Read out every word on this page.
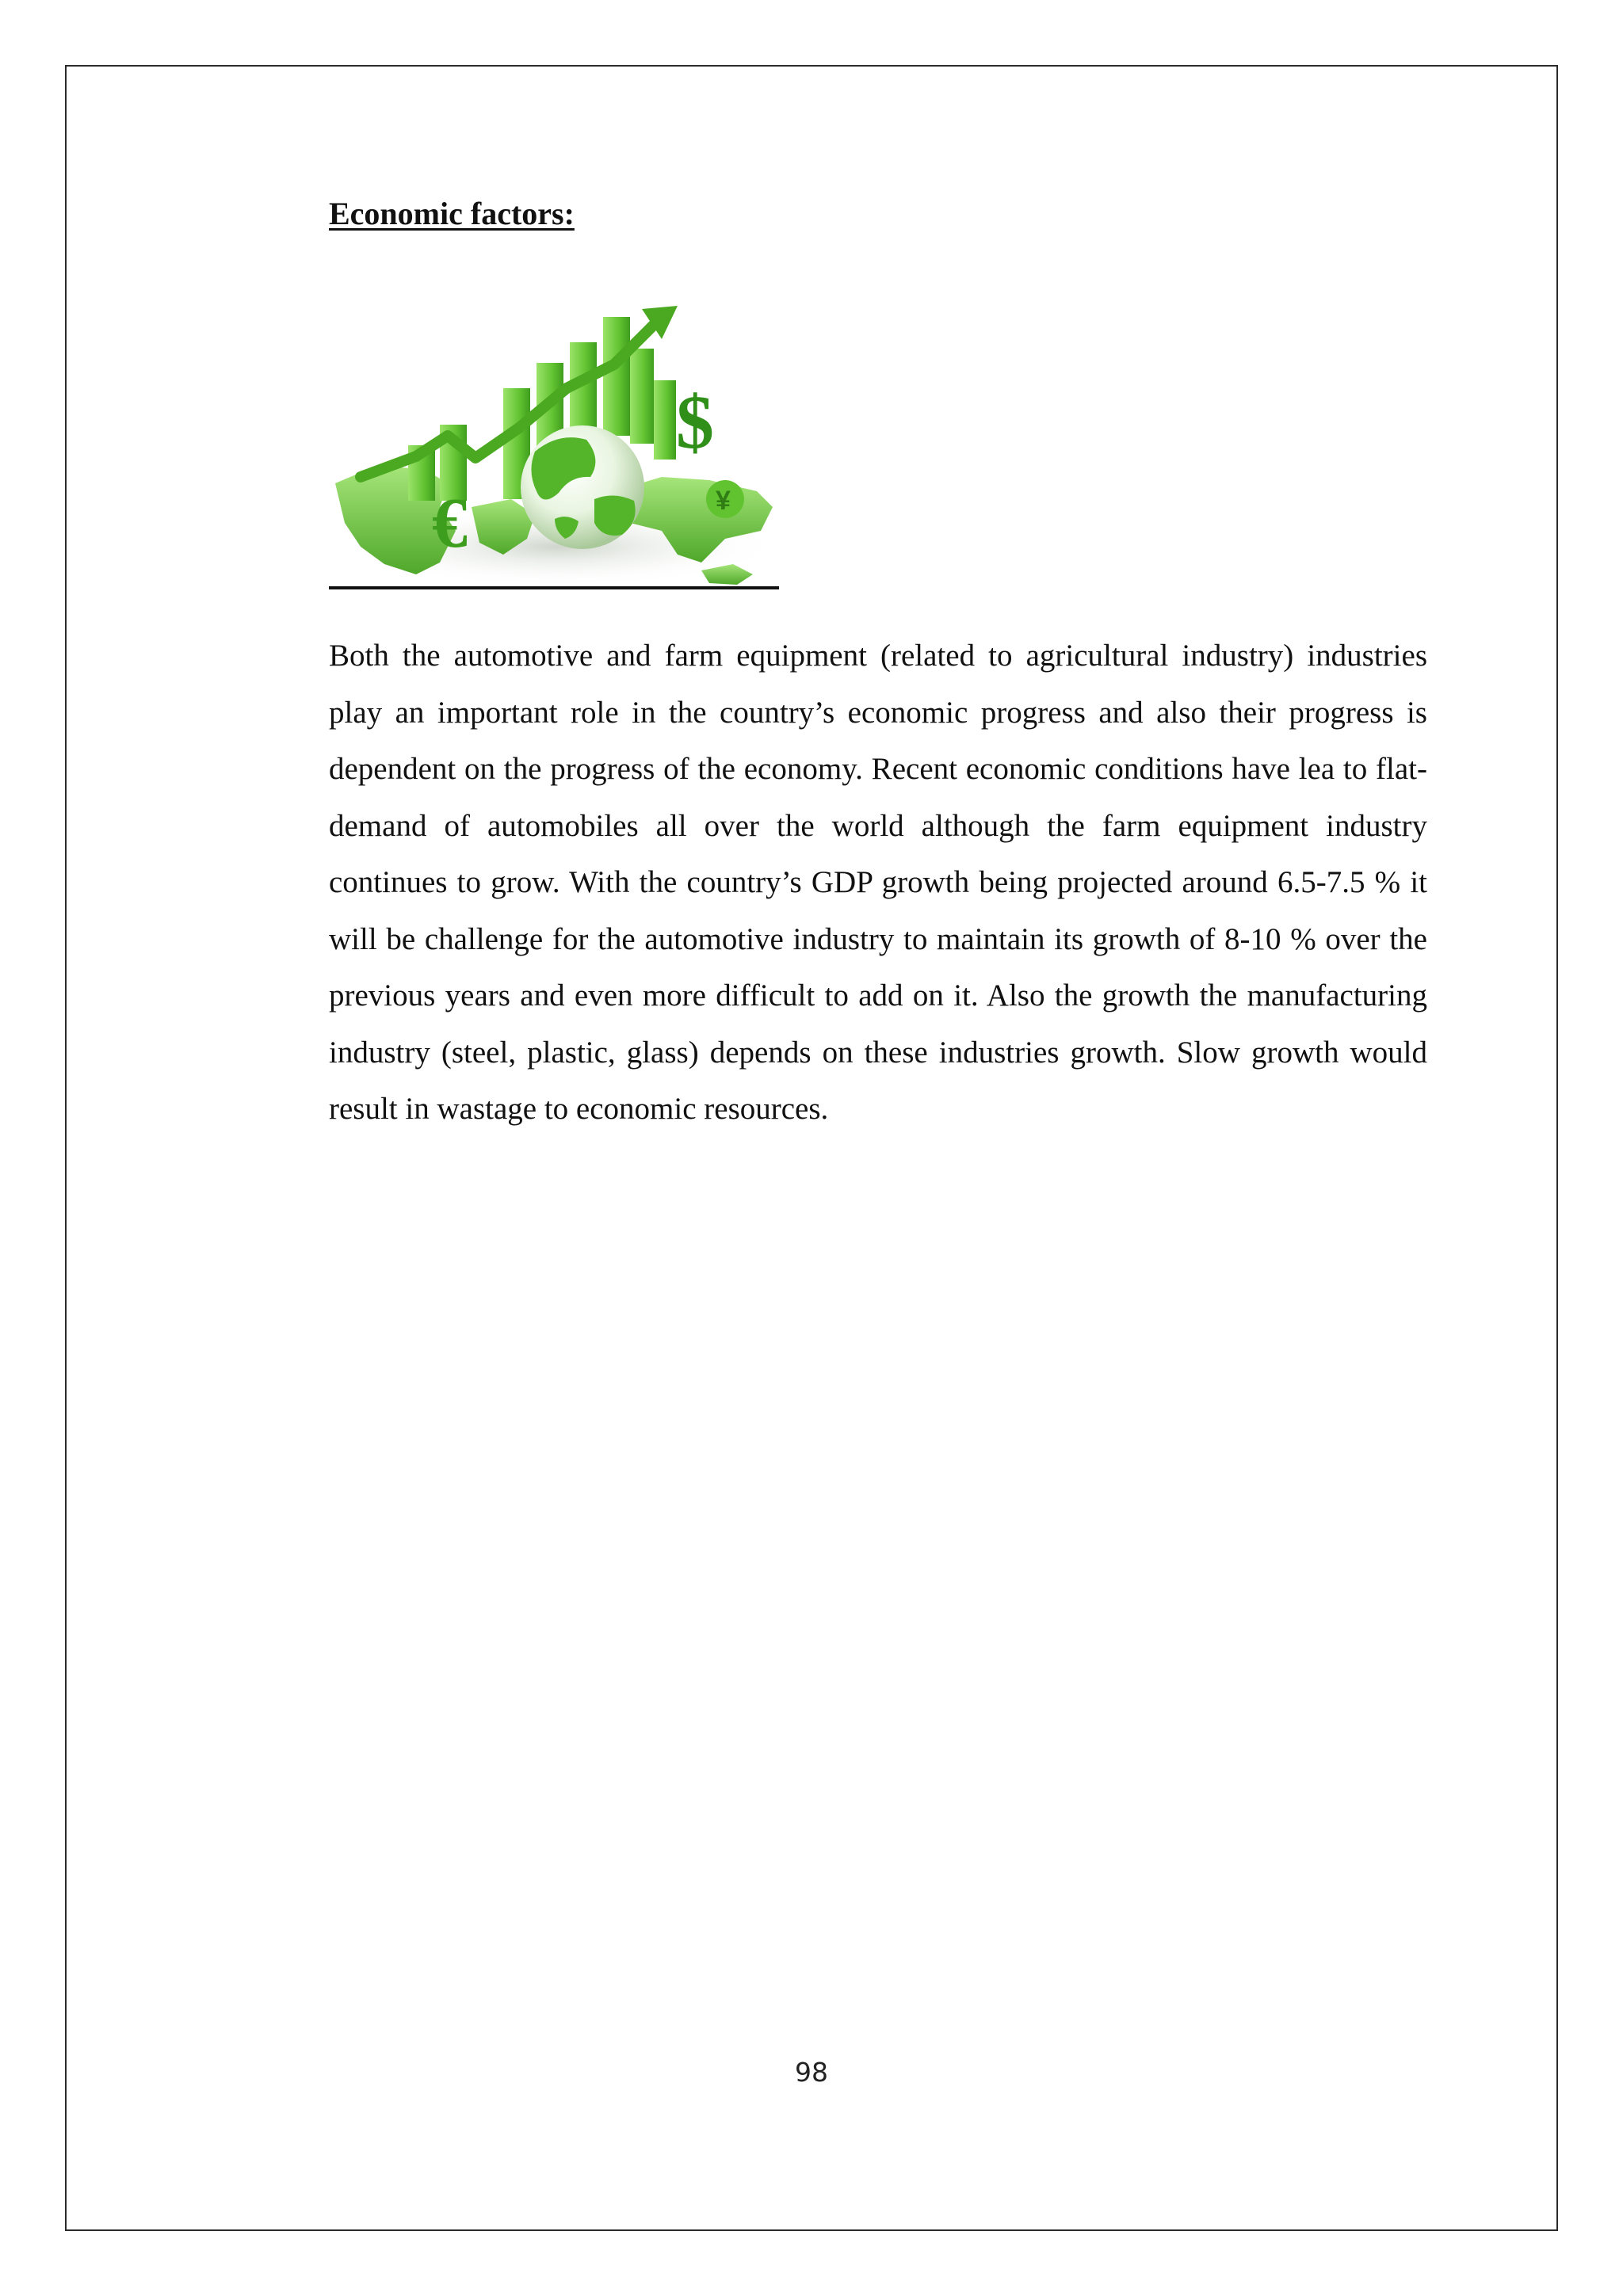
Economic factors:
$
€	¥

Both the automotive and farm equipment (related to agricultural industry) industries play an important role in the country’s economic progress and also their progress is dependent on the progress of the economy. Recent economic conditions have lea to flat-demand of automobiles all over the world although the farm equipment industry continues to grow. With the country’s GDP growth being projected around 6.5-7.5 % it will be challenge for the automotive industry to maintain its growth of 8-10 % over the previous years and even more difficult to add on it. Also the growth the manufacturing industry (steel, plastic, glass) depends on these industries growth. Slow growth would result in wastage to economic resources.

98
